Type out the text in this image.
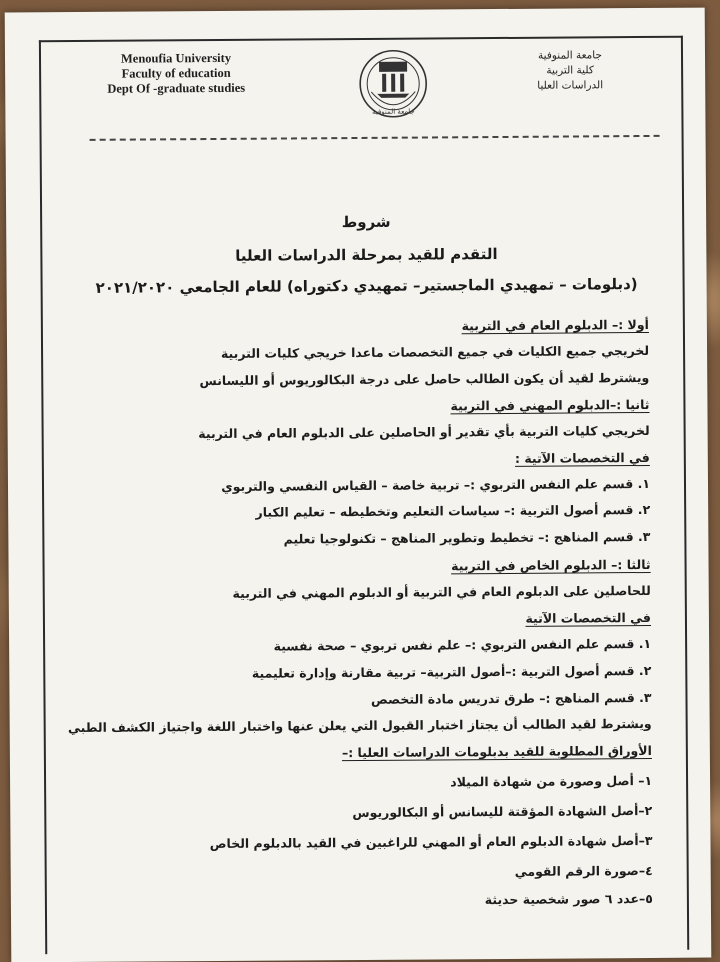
Menoufia University
Faculty of education
Dept Of -graduate studies
جامعة المنوفية
جامعة المنوفية
كلية التربية
الدراسات العليا
شروط
التقدم للقيد بمرحلة الدراسات العليا
(دبلومات – تمهيدي الماجستير– تمهيدي دكتوراه) للعام الجامعي ٢٠٢١/٢٠٢٠
أولا :– الدبلوم العام في التربية
لخريجي جميع الكليات في جميع التخصصات ماعدا خريجي كليات التربية
ويشترط لقيد أن يكون الطالب حاصل على درجة البكالوريوس أو الليسانس
ثانيا :–الدبلوم المهني في التربية
لخريجي كليات التربية بأي تقدير أو الحاصلين على الدبلوم العام في التربية
في التخصصات الآتية :
١. قسم علم النفس التربوي :– تربية خاصة – القياس النفسي والتربوي
٢. قسم أصول التربية :– سياسات التعليم وتخطيطه – تعليم الكبار
٣. قسم المناهج :– تخطيط وتطوير المناهج – تكنولوجيا تعليم
ثالثا :– الدبلوم الخاص في التربية
للحاصلين على الدبلوم العام في التربية أو الدبلوم المهني في التربية
في التخصصات الآتية
١. قسم علم النفس التربوي :– علم نفس تربوي – صحة نفسية
٢. قسم أصول التربية :–أصول التربية– تربية مقارنة وإدارة تعليمية
٣. قسم المناهج :– طرق تدريس مادة التخصص
ويشترط لقيد الطالب أن يجتاز اختبار القبول التي يعلن عنها واختبار اللغة واجتياز الكشف الطبي
الأوراق المطلوبة للقيد بدبلومات الدراسات العليا :–
١– أصل وصورة من شهادة الميلاد
٢–أصل الشهادة المؤقتة لليسانس أو البكالوريوس
٣–أصل شهادة الدبلوم العام أو المهني للراغبين في القيد بالدبلوم الخاص
٤–صورة الرقم القومي
٥–عدد ٦ صور شخصية حديثة
